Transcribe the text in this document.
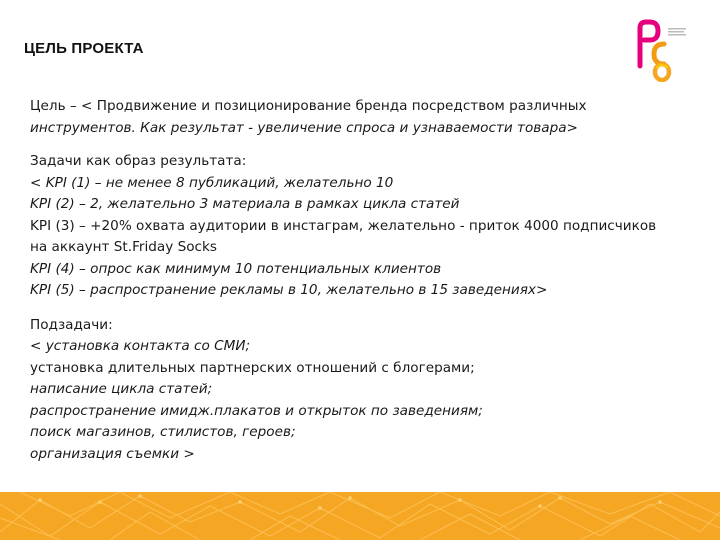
ЦЕЛЬ ПРОЕКТА
Цель – < Продвижение и позиционирование бренда посредством различных
инструментов. Как результат - увеличение спроса и узнаваемости товара>
Задачи как образ результата:
< KPI (1) – не менее 8 публикаций, желательно 10
KPI (2) – 2, желательно 3 материала в рамках цикла статей
KPI (3) – +20% охвата аудитории в инстаграм, желательно - приток 4000 подписчиков
на аккаунт St.Friday Socks
KPI (4) – опрос как минимум 10 потенциальных клиентов
KPI (5) – распространение рекламы в 10, желательно в 15 заведениях>
Подзадачи:
< установка контакта со СМИ;
установка длительных партнерских отношений с блогерами;
написание цикла статей;
распространение имидж.плакатов и открыток по заведениям;
поиск магазинов, стилистов, героев;
организация съемки >
